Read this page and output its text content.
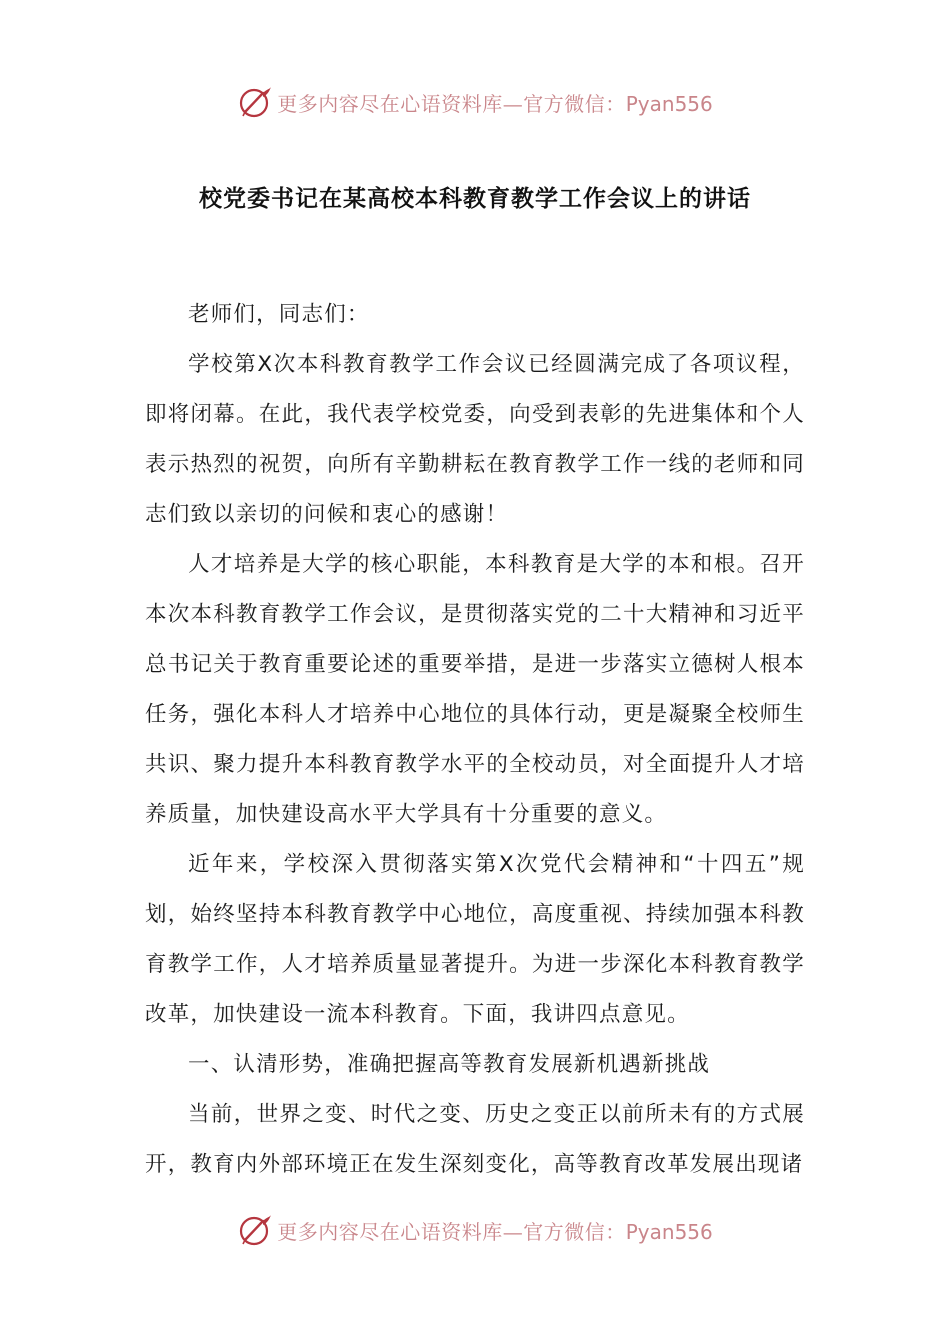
更多内容尽在心语资料库—官方微信：Pyan556
校党委书记在某高校本科教育教学工作会议上的讲话

老师们，同志们：

学校第X次本科教育教学工作会议已经圆满完成了各项议程，即将闭幕。在此，我代表学校党委，向受到表彰的先进集体和个人表示热烈的祝贺，向所有辛勤耕耘在教育教学工作一线的老师和同志们致以亲切的问候和衷心的感谢！

人才培养是大学的核心职能，本科教育是大学的本和根。召开本次本科教育教学工作会议，是贯彻落实党的二十大精神和习近平总书记关于教育重要论述的重要举措，是进一步落实立德树人根本任务，强化本科人才培养中心地位的具体行动，更是凝聚全校师生共识、聚力提升本科教育教学水平的全校动员，对全面提升人才培养质量，加快建设高水平大学具有十分重要的意义。

近年来，学校深入贯彻落实第X次党代会精神和“十四五”规划，始终坚持本科教育教学中心地位，高度重视、持续加强本科教育教学工作，人才培养质量显著提升。为进一步深化本科教育教学改革，加快建设一流本科教育。下面，我讲四点意见。

一、认清形势，准确把握高等教育发展新机遇新挑战

当前，世界之变、时代之变、历史之变正以前所未有的方式展开，教育内外部环境正在发生深刻变化，高等教育改革发展出现诸

更多内容尽在心语资料库—官方微信：Pyan556
